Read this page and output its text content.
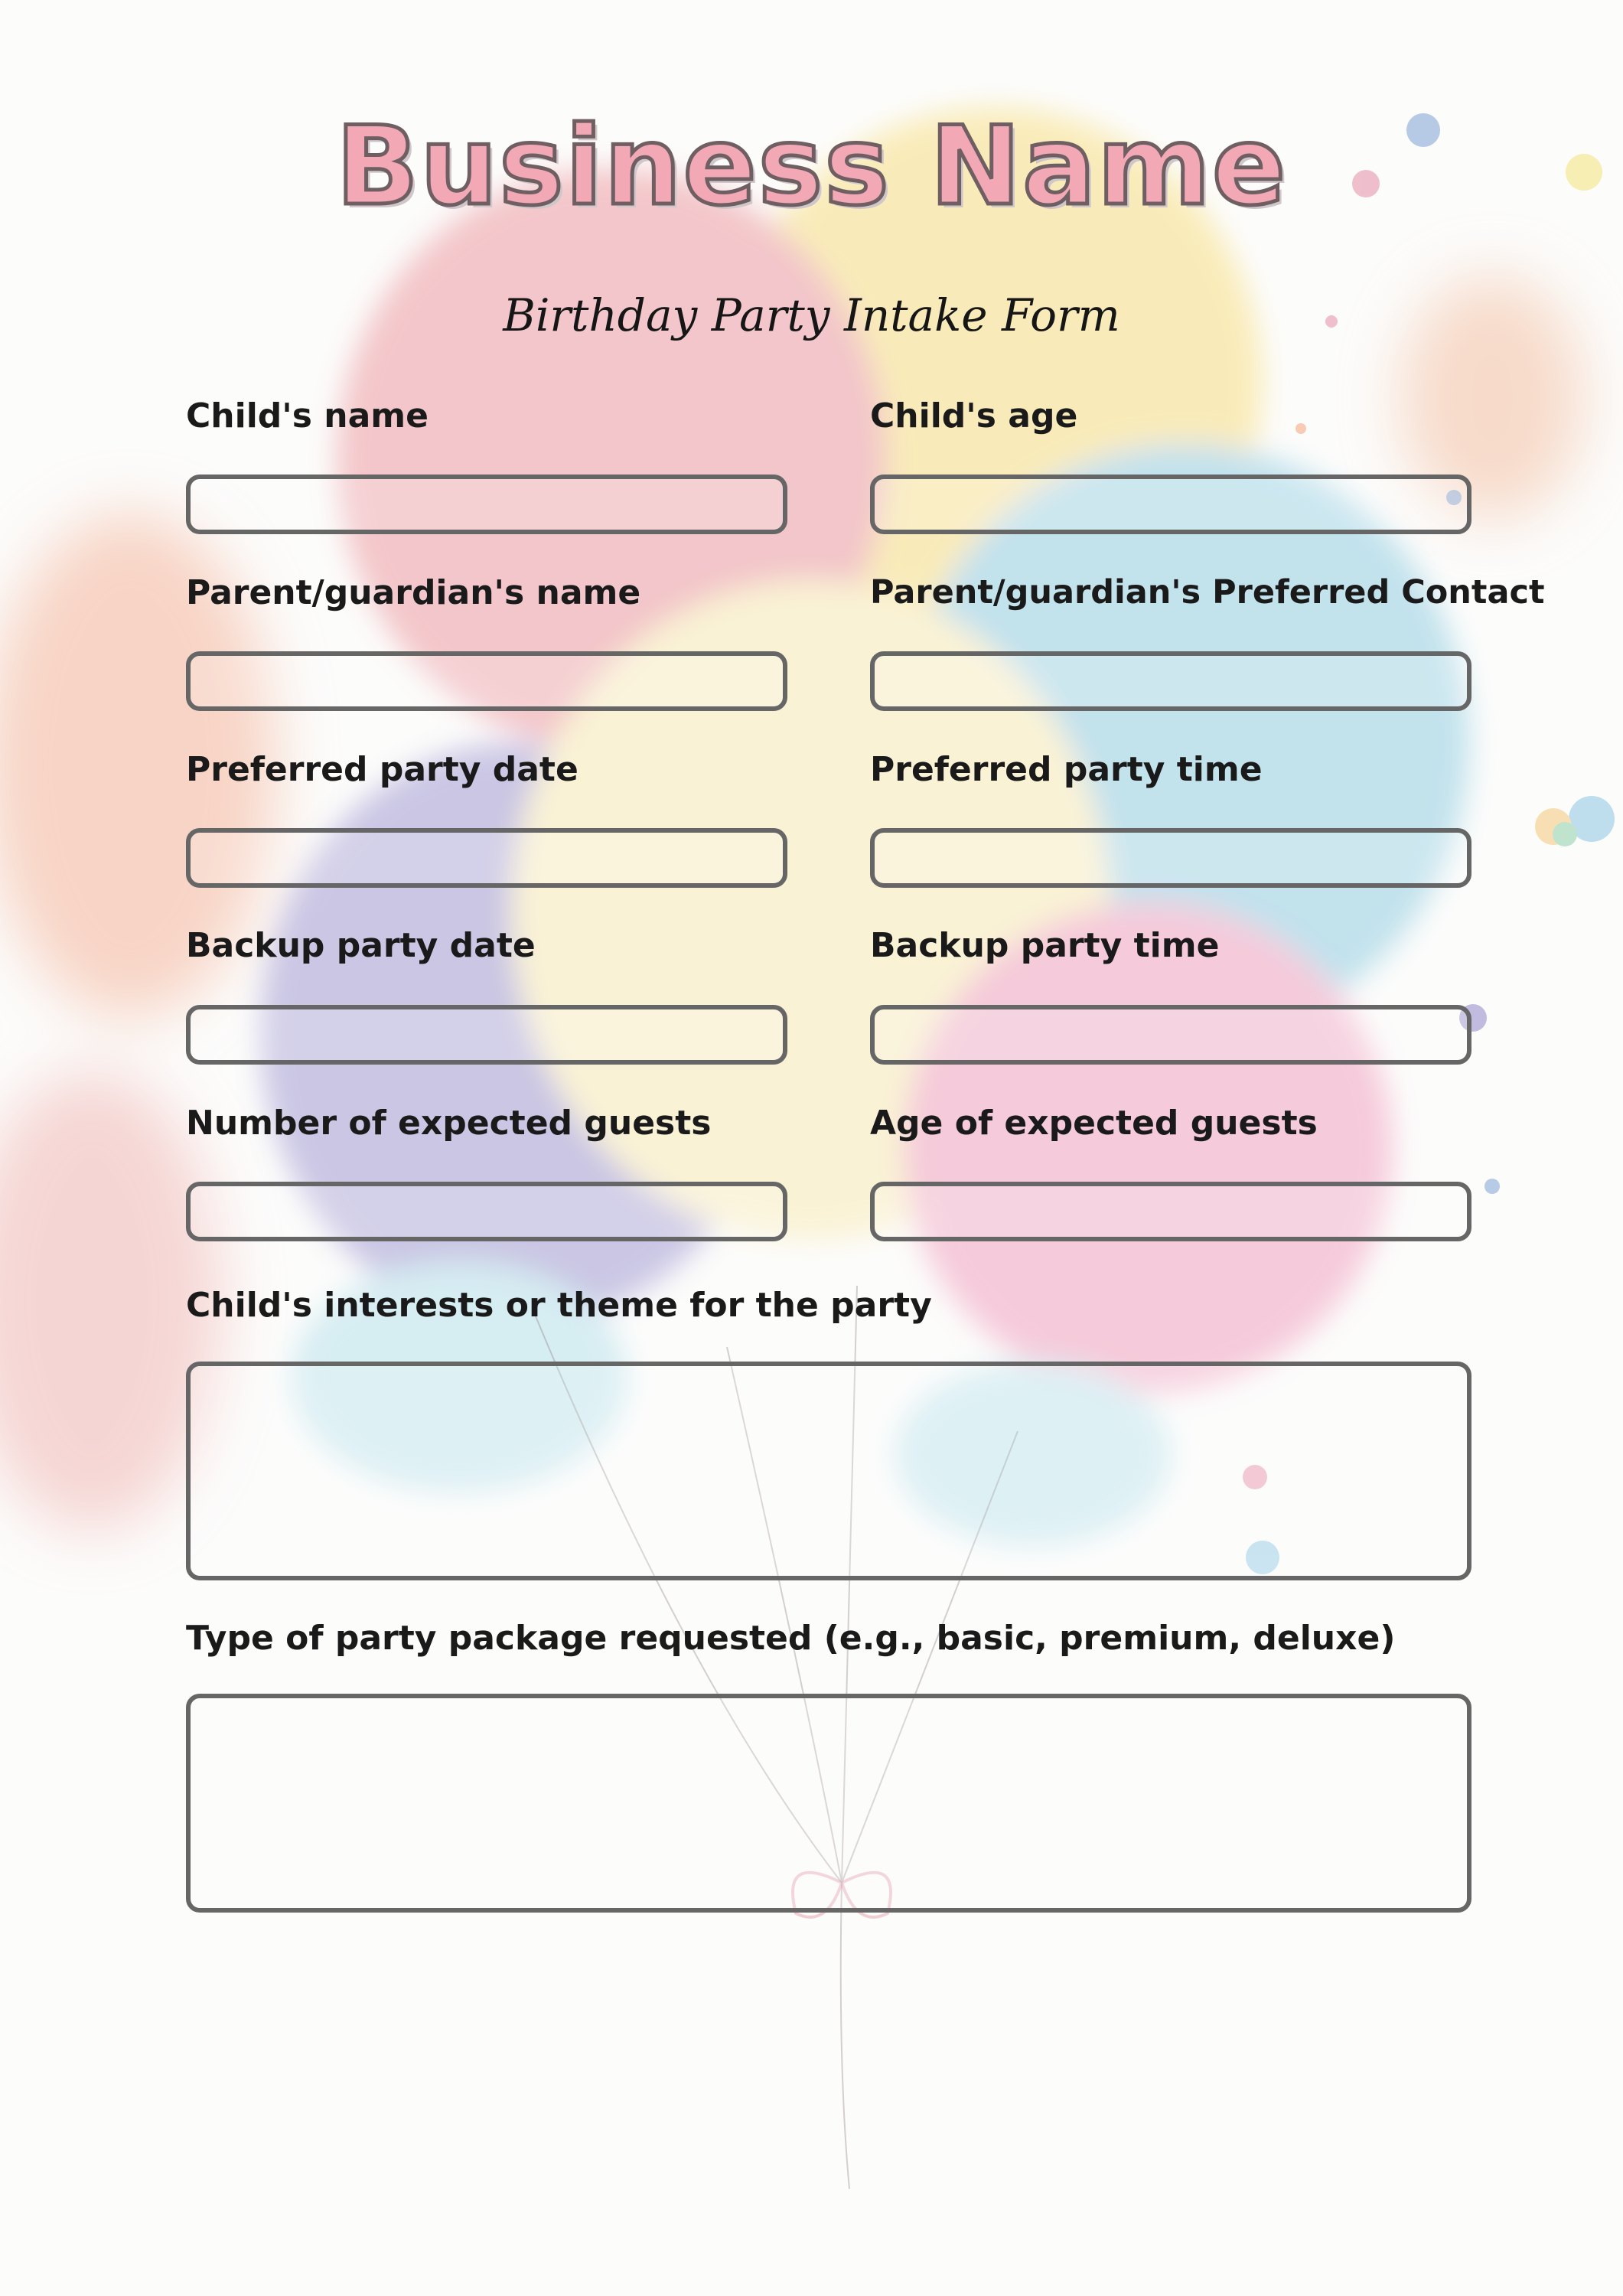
Business Name
Birthday Party Intake Form
Child's name	Child's age
Parent/guardian's name	Parent/guardian's Preferred Contact
Preferred party date	Preferred party time
Backup party date	Backup party time
Number of expected guests	Age of expected guests
Child's interests or theme for the party
Type of party package requested (e.g., basic, premium, deluxe)
